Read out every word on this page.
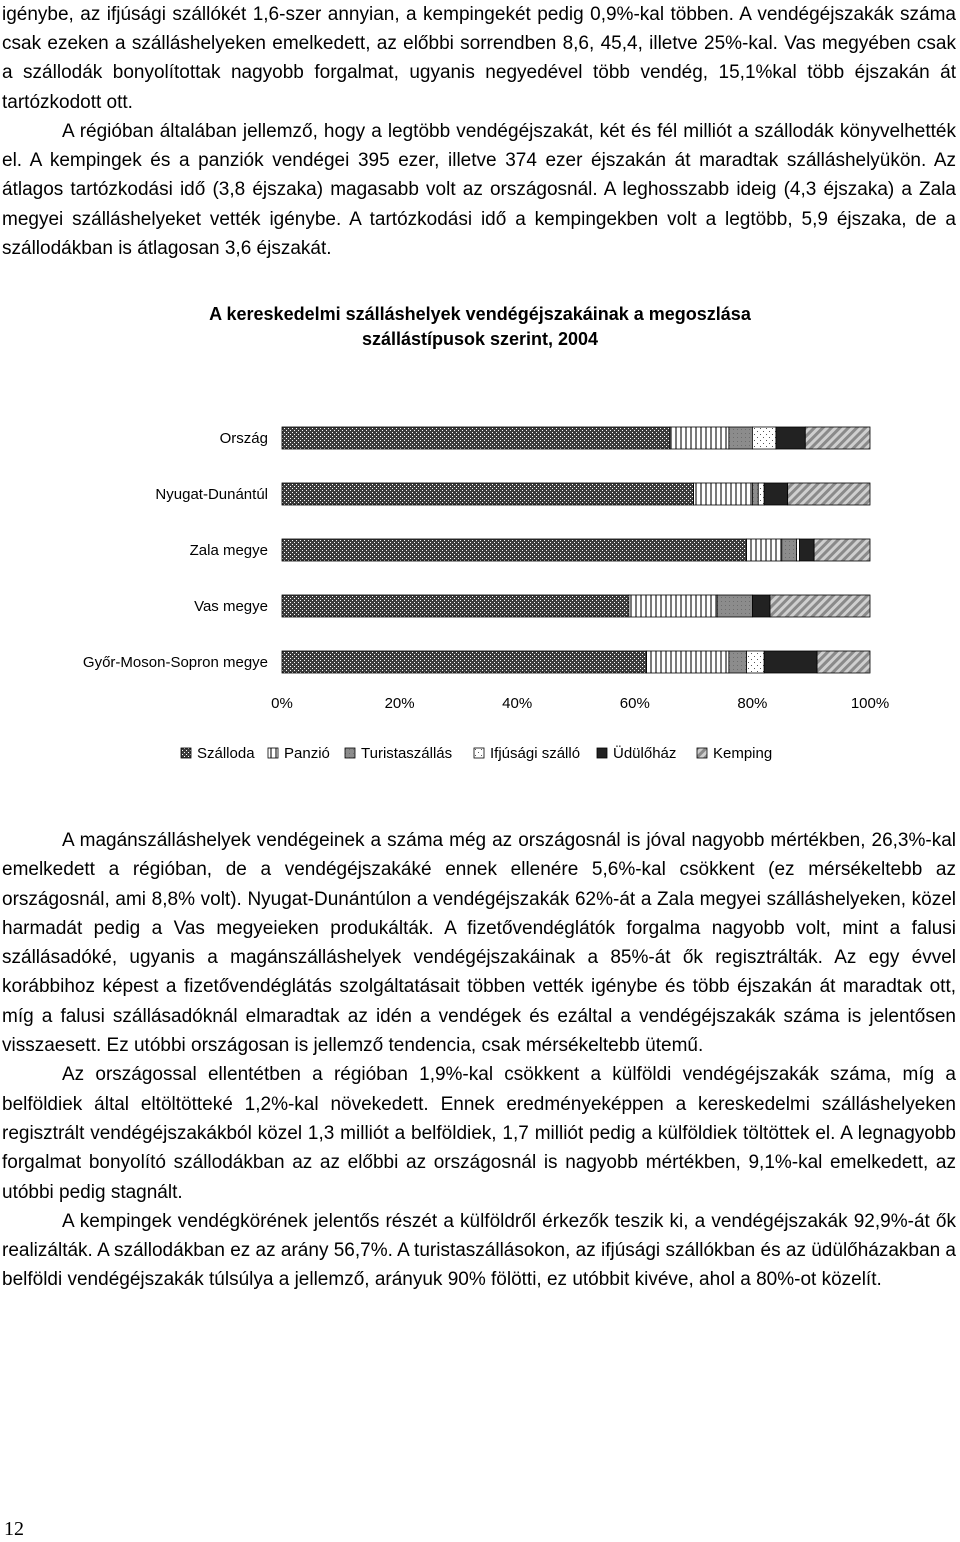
igénybe, az ifjúsági szállókét 1,6-szer annyian, a kempingekét pedig 0,9%-kal többen. A vendégéjszakák száma csak ezeken a szálláshelyeken emelkedett, az előbbi sorrendben 8,6, 45,4, illetve 25%-kal. Vas megyében csak a szállodák bonyolítottak nagyobb forgalmat, ugyanis negyedével több vendég, 15,1%kal több éjszakán át tartózkodott ott.

A régióban általában jellemző, hogy a legtöbb vendégéjszakát, két és fél milliót a szállodák könyvelhették el. A kempingek és a panziók vendégei 395 ezer, illetve 374 ezer éjszakán át maradtak szálláshelyükön. Az átlagos tartózkodási idő (3,8 éjszaka) magasabb volt az országosnál. A leghosszabb ideig (4,3 éjszaka) a Zala megyei szálláshelyeket vették igénybe. A tartózkodási idő a kempingekben volt a legtöbb, 5,9 éjszaka, de a szállodákban is átlagosan 3,6 éjszakát.

A kereskedelmi szálláshelyek vendégéjszakáinak a megoszlása
szállástípusok szerint, 2004
Ország
Nyugat-Dunántúl
Zala megye
Vas megye
Győr-Moson-Sopron megye
0%	20%	40%	60%	80%	100%
Szálloda Panzió Turistaszállás	Ifjúsági szálló Üdülőház Kemping

A magánszálláshelyek vendégeinek a száma még az országosnál is jóval nagyobb mértékben, 26,3%-kal emelkedett a régióban, de a vendégéjszakáké ennek ellenére 5,6%-kal csökkent (ez mérsékeltebb az országosnál, ami 8,8% volt). Nyugat-Dunántúlon a vendégéjszakák 62%-át a Zala megyei szálláshelyeken, közel harmadát pedig a Vas megyeieken produkálták. A fizetővendéglátók forgalma nagyobb volt, mint a falusi szállásadóké, ugyanis a magánszálláshelyek vendégéjszakáinak a 85%-át ők regisztrálták. Az egy évvel korábbihoz képest a fizetővendéglátás szolgáltatásait többen vették igénybe és több éjszakán át maradtak ott, míg a falusi szállásadóknál elmaradtak az idén a vendégek és ezáltal a vendégéjszakák száma is jelentősen visszaesett. Ez utóbbi országosan is jellemző tendencia, csak mérsékeltebb ütemű.

Az országossal ellentétben a régióban 1,9%-kal csökkent a külföldi vendégéjszakák száma, míg a belföldiek által eltöltötteké 1,2%-kal növekedett. Ennek eredményeképpen a kereskedelmi szálláshelyeken regisztrált vendégéjszakákból közel 1,3 milliót a belföldiek, 1,7 milliót pedig a külföldiek töltöttek el. A legnagyobb forgalmat bonyolító szállodákban az az előbbi az országosnál is nagyobb mértékben, 9,1%-kal emelkedett, az utóbbi pedig stagnált.

A kempingek vendégkörének jelentős részét a külföldről érkezők teszik ki, a vendégéjszakák 92,9%-át ők realizálták. A szállodákban ez az arány 56,7%. A turistaszállásokon, az ifjúsági szállókban és az üdülőházakban a belföldi vendégéjszakák túlsúlya a jellemző, arányuk 90% fölötti, ez utóbbit kivéve, ahol a 80%-ot közelít.

12
